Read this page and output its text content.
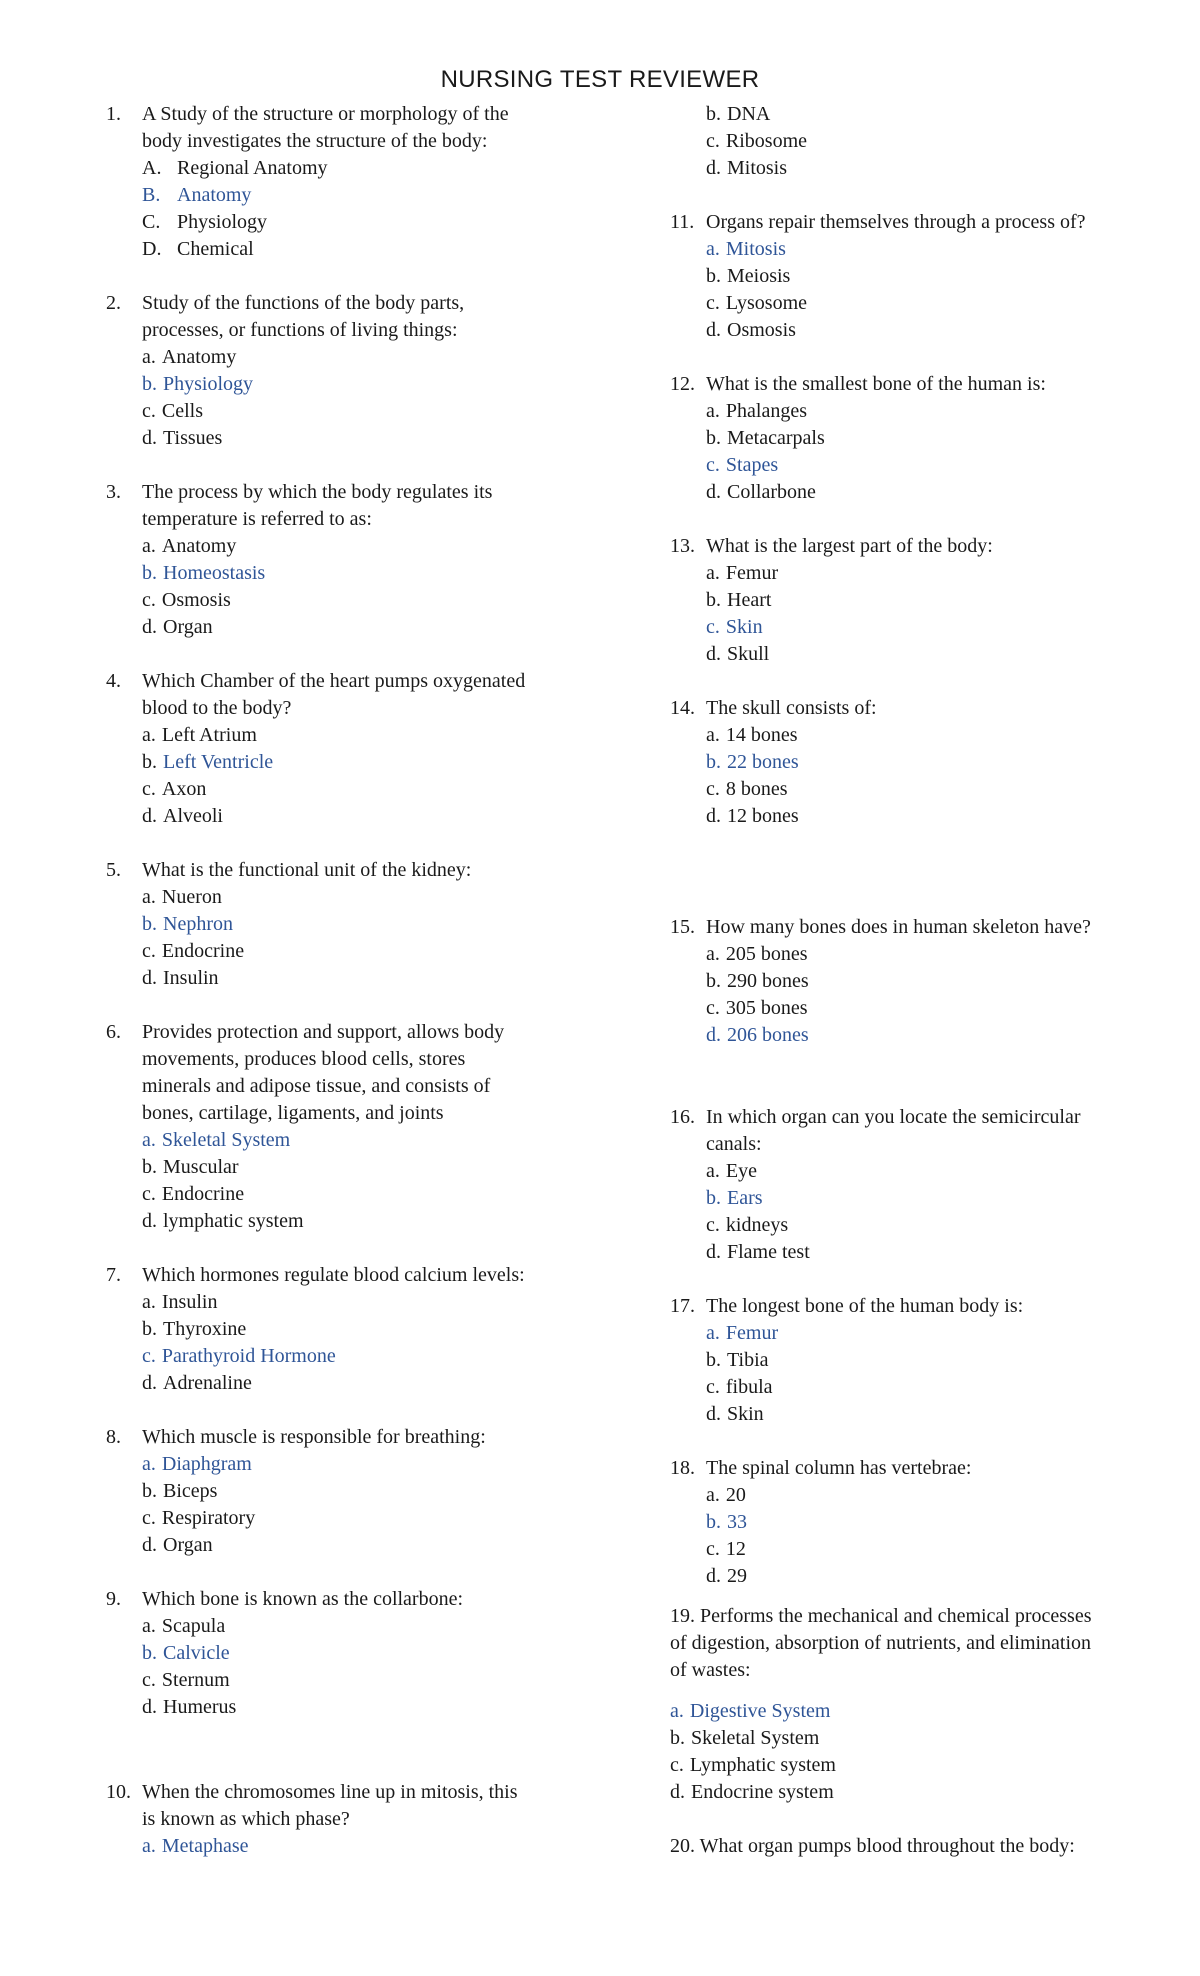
NURSING TEST REVIEWER
1. A Study of the structure or morphology of the
body investigates the structure of the body:
A. Regional Anatomy
B. Anatomy
C. Physiology
D. Chemical
2. Study of the functions of the body parts,
processes, or functions of living things:
a. Anatomy
b. Physiology
c. Cells
d. Tissues
3. The process by which the body regulates its
temperature is referred to as:
a. Anatomy
b. Homeostasis
c. Osmosis
d. Organ
4. Which Chamber of the heart pumps oxygenated
blood to the body?
a. Left Atrium
b. Left Ventricle
c. Axon
d. Alveoli
5. What is the functional unit of the kidney:
a. Nueron
b. Nephron
c. Endocrine
d. Insulin
6. Provides protection and support, allows body
movements, produces blood cells, stores
minerals and adipose tissue, and consists of
bones, cartilage, ligaments, and joints
a. Skeletal System
b. Muscular
c. Endocrine
d. lymphatic system
7. Which hormones regulate blood calcium levels:
a. Insulin
b. Thyroxine
c. Parathyroid Hormone
d. Adrenaline
8. Which muscle is responsible for breathing:
a. Diaphgram
b. Biceps
c. Respiratory
d. Organ
9. Which bone is known as the collarbone:
a. Scapula
b. Calvicle
c. Sternum
d. Humerus
10. When the chromosomes line up in mitosis, this
is known as which phase?
a. Metaphase
b. DNA
c. Ribosome
d. Mitosis
11. Organs repair themselves through a process of?
a. Mitosis
b. Meiosis
c. Lysosome
d. Osmosis
12. What is the smallest bone of the human is:
a. Phalanges
b. Metacarpals
c. Stapes
d. Collarbone
13. What is the largest part of the body:
a. Femur
b. Heart
c. Skin
d. Skull
14. The skull consists of:
a. 14 bones
b. 22 bones
c. 8 bones
d. 12 bones
15. How many bones does in human skeleton have?
a. 205 bones
b. 290 bones
c. 305 bones
d. 206 bones
16. In which organ can you locate the semicircular
canals:
a. Eye
b. Ears
c. kidneys
d. Flame test
17. The longest bone of the human body is:
a. Femur
b. Tibia
c. fibula
d. Skin
18. The spinal column has vertebrae:
a. 20
b. 33
c. 12
d. 29
19. Performs the mechanical and chemical processes
of digestion, absorption of nutrients, and elimination
of wastes:
a. Digestive System
b. Skeletal System
c. Lymphatic system
d. Endocrine system
20. What organ pumps blood throughout the body:
